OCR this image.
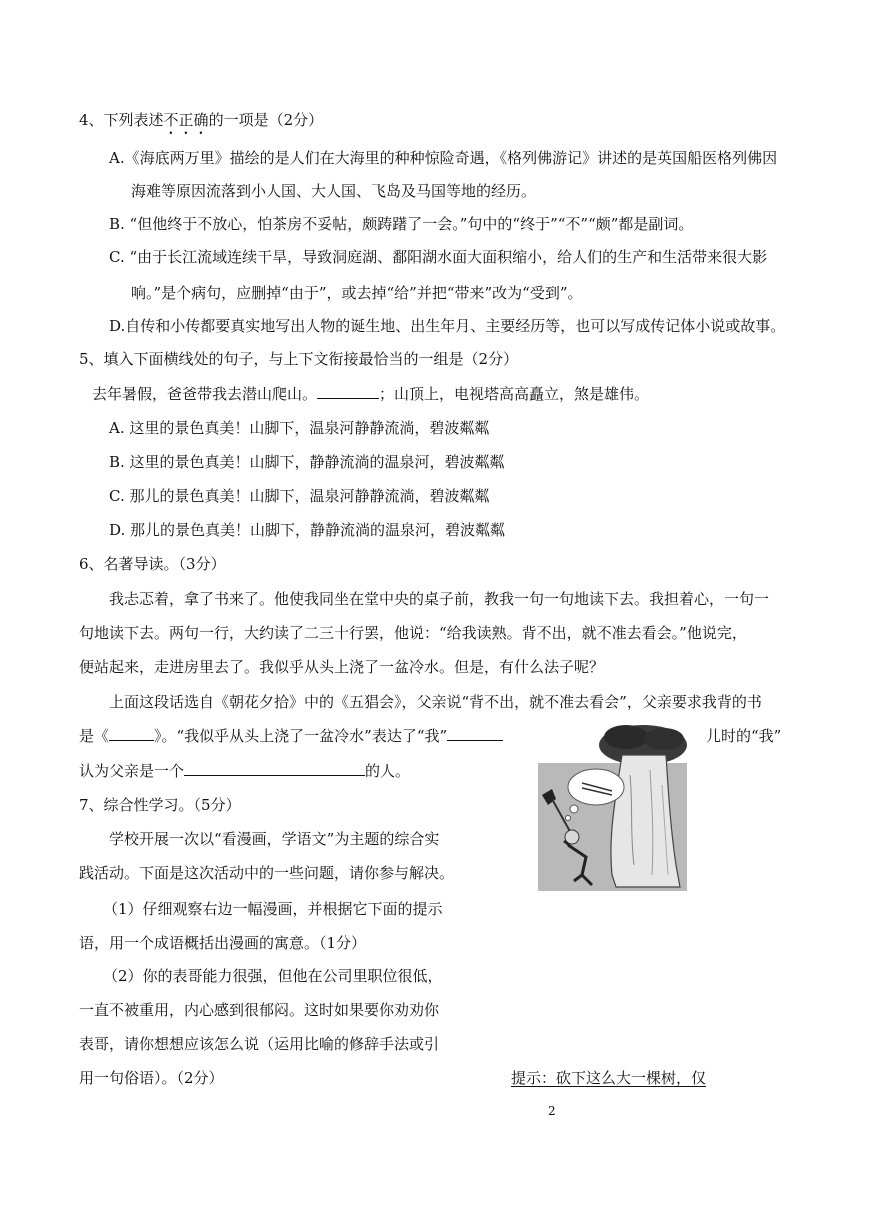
4、下列表述不正确的一项是（2分）
A.《海底两万里》描绘的是人们在大海里的种种惊险奇遇，《格列佛游记》讲述的是英国船医格列佛因
海难等原因流落到小人国、大人国、飞岛及马国等地的经历。
B. “但他终于不放心，怕茶房不妥帖，颇踌躇了一会。”句中的“终于”“不”“颇”都是副词。
C. “由于长江流域连续干旱，导致洞庭湖、鄱阳湖水面大面积缩小，给人们的生产和生活带来很大影
响。”是个病句，应删掉“由于”，或去掉“给”并把“带来”改为“受到”。
D.自传和小传都要真实地写出人物的诞生地、出生年月、主要经历等，也可以写成传记体小说或故事。
5、填入下面横线处的句子，与上下文衔接最恰当的一组是（2分）
去年暑假，爸爸带我去潜山爬山。	；山顶上，电视塔高高矗立，煞是雄伟。
A. 这里的景色真美！山脚下，温泉河静静流淌，碧波粼粼
B. 这里的景色真美！山脚下，静静流淌的温泉河，碧波粼粼
C. 那儿的景色真美！山脚下，温泉河静静流淌，碧波粼粼
D. 那儿的景色真美！山脚下，静静流淌的温泉河，碧波粼粼
6、名著导读。（3分）
我忐忑着，拿了书来了。他使我同坐在堂中央的桌子前，教我一句一句地读下去。我担着心，一句一
句地读下去。两句一行，大约读了二三十行罢，他说：“给我读熟。背不出，就不准去看会。”他说完，
便站起来，走进房里去了。我似乎从头上浇了一盆冷水。但是，有什么法子呢？
上面这段话选自《朝花夕拾》中的《五猖会》，父亲说“背不出，就不准去看会”，父亲要求我背的书
是《	》。“我似乎从头上浇了一盆冷水”表达了“我”	儿时的“我”
认为父亲是一个	的人。
7、综合性学习。（5分）
学校开展一次以“看漫画，学语文”为主题的综合实
践活动。下面是这次活动中的一些问题，请你参与解决。
（1）仔细观察右边一幅漫画，并根据它下面的提示
语，用一个成语概括出漫画的寓意。（1分）
（2）你的表哥能力很强，但他在公司里职位很低，
一直不被重用，内心感到很郁闷。这时如果要你劝劝你
表哥，请你想想应该怎么说（运用比喻的修辞手法或引
用一句俗语）。（2分）	提示：砍下这么大一棵树，仅
2
